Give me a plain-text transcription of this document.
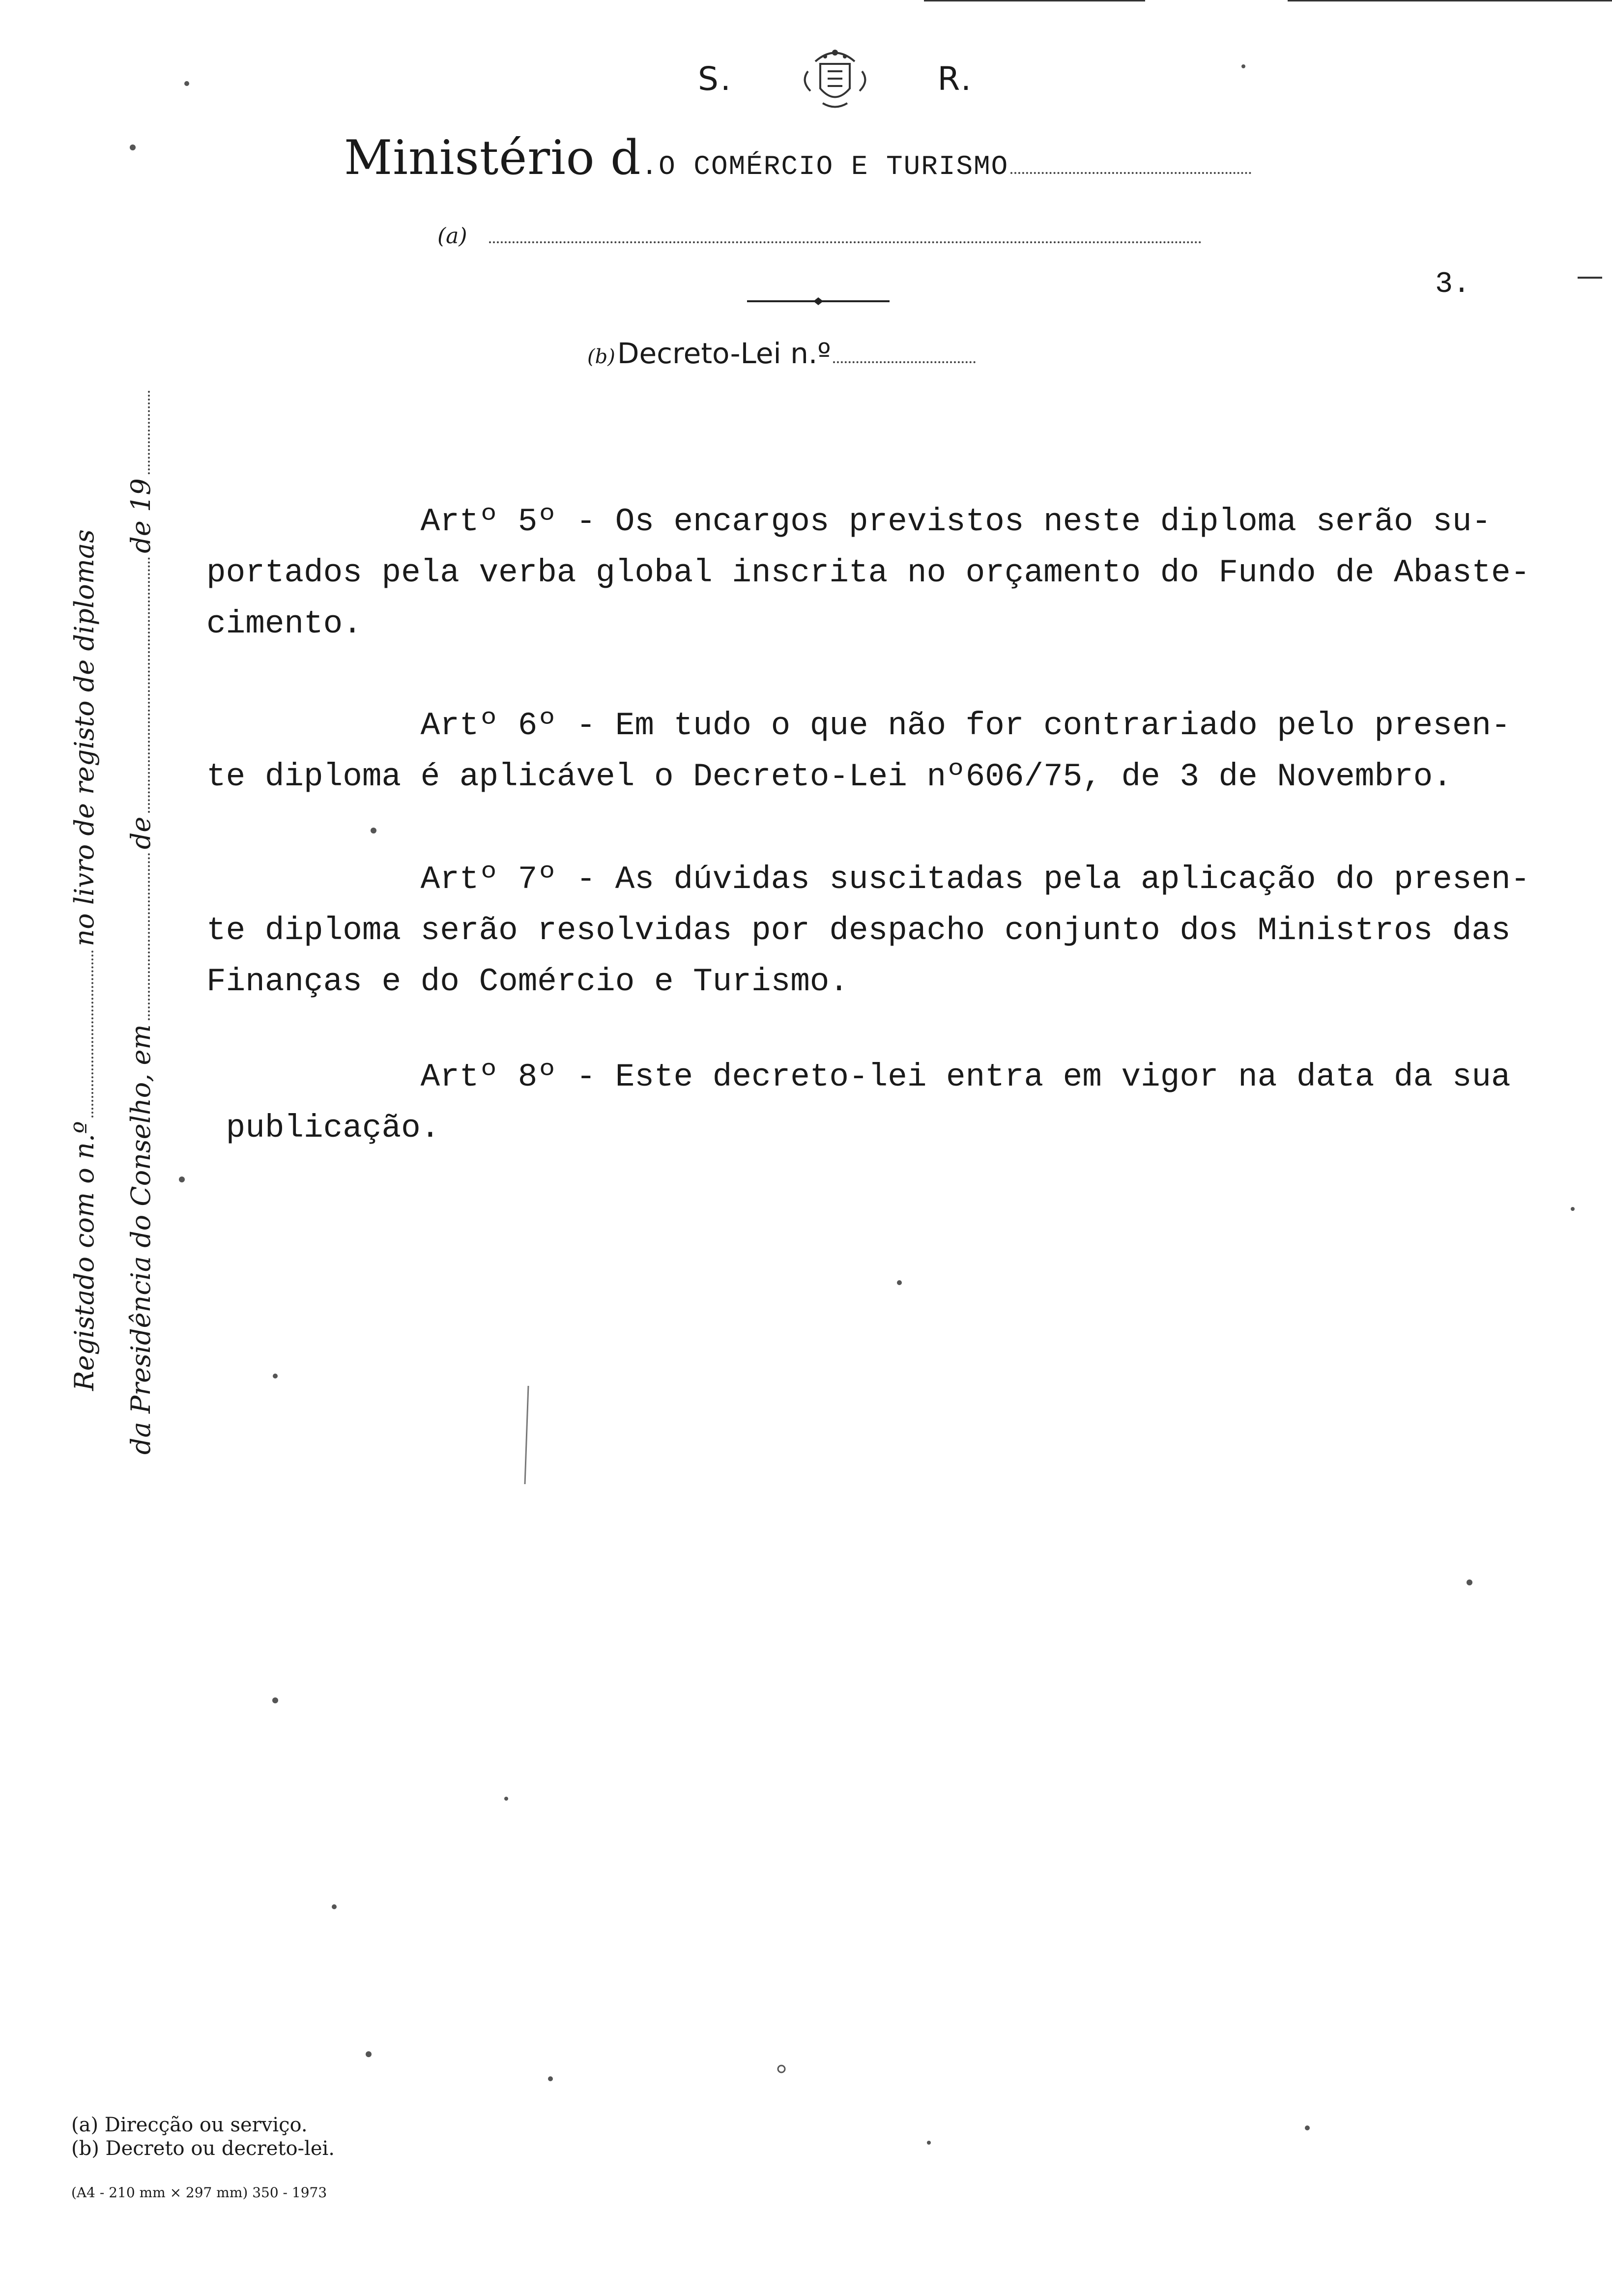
S.	R.
Ministério d.O COMÉRCIO E TURISMO
(a)
3.
(b) Decreto-Lei n.º
Artº 5º - Os encargos previstos neste diploma serão su-
portados pela verba global inscrita no orçamento do Fundo de Abaste-
cimento.
Artº 6º - Em tudo o que não for contrariado pelo presen-
te diploma é aplicável o Decreto-Lei nº606/75, de 3 de Novembro.
Artº 7º - As dúvidas suscitadas pela aplicação do presen-
te diploma serão resolvidas por despacho conjunto dos Ministros das
Finanças e do Comércio e Turismo.
Artº 8º - Este decreto-lei entra em vigor na data da sua
publicação.
Registado com o n.ºno livro de registo de diplomas
da Presidência do Conselho, emdede 19
(a) Direcção ou serviço.
(b) Decreto ou decreto-lei.
(A4 - 210 mm × 297 mm) 350 - 1973
